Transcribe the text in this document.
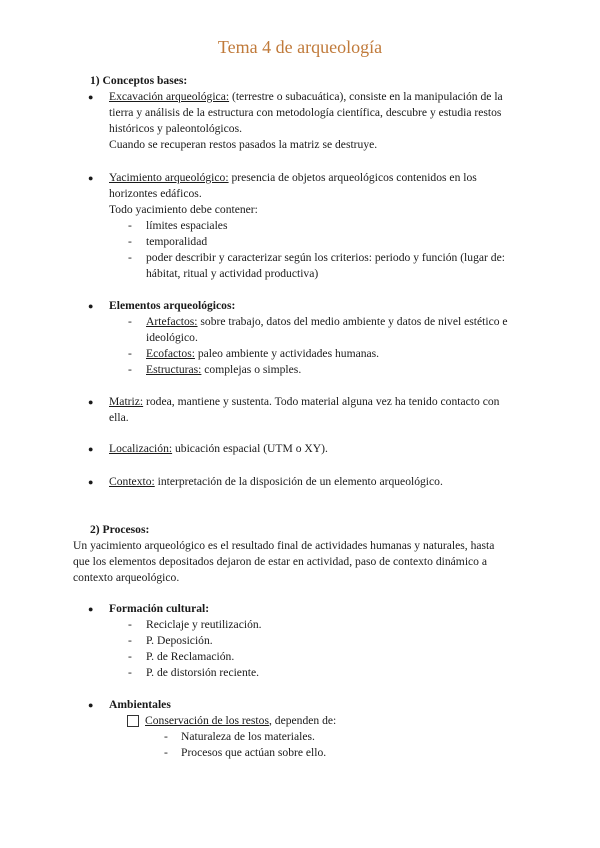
Tema 4 de arqueología
1) Conceptos bases:
● Excavación arqueológica: (terrestre o subacuática), consiste en la manipulación de la
tierra y análisis de la estructura con metodología científica, descubre y estudia restos
históricos y paleontológicos.
Cuando se recuperan restos pasados la matriz se destruye.
● Yacimiento arqueológico: presencia de objetos arqueológicos contenidos en los
horizontes edáficos.
Todo yacimiento debe contener:
- límites espaciales
- temporalidad
- poder describir y caracterizar según los criterios: periodo y función (lugar de:
hábitat, ritual y actividad productiva)
● Elementos arqueológicos:
- Artefactos: sobre trabajo, datos del medio ambiente y datos de nivel estético e
ideológico.
- Ecofactos: paleo ambiente y actividades humanas.
- Estructuras: complejas o simples.
● Matriz: rodea, mantiene y sustenta. Todo material alguna vez ha tenido contacto con
ella.
● Localización: ubicación espacial (UTM o XY).
● Contexto: interpretación de la disposición de un elemento arqueológico.
2) Procesos:
Un yacimiento arqueológico es el resultado final de actividades humanas y naturales, hasta
que los elementos depositados dejaron de estar en actividad, paso de contexto dinámico a
contexto arqueológico.
● Formación cultural:
- Reciclaje y reutilización.
- P. Deposición.
- P. de Reclamación.
- P. de distorsión reciente.
● Ambientales
Conservación de los restos, dependen de:
- Naturaleza de los materiales.
- Procesos que actúan sobre ello.
